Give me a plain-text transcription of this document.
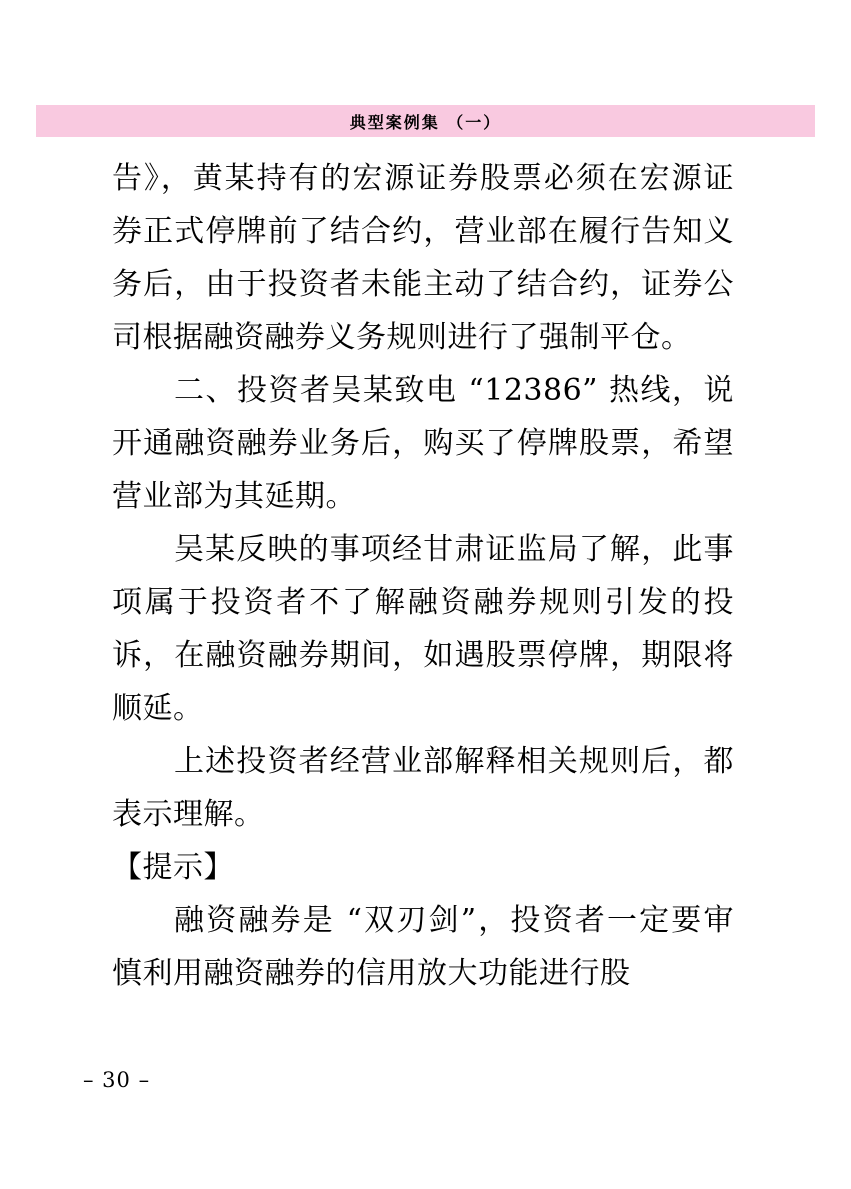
典型案例集 （一）

告》，黄某持有的宏源证券股票必须在宏源证券正式停牌前了结合约，营业部在履行告知义务后，由于投资者未能主动了结合约，证券公司根据融资融券义务规则进行了强制平仓。

二、投资者吴某致电 “12386” 热线，说开通融资融券业务后，购买了停牌股票，希望营业部为其延期。

吴某反映的事项经甘肃证监局了解，此事项属于投资者不了解融资融券规则引发的投诉，在融资融券期间，如遇股票停牌，期限将顺延。

上述投资者经营业部解释相关规则后，都表示理解。

【提示】

融资融券是 “双刃剑”，投资者一定要审慎利用融资融券的信用放大功能进行股

– 30 –
